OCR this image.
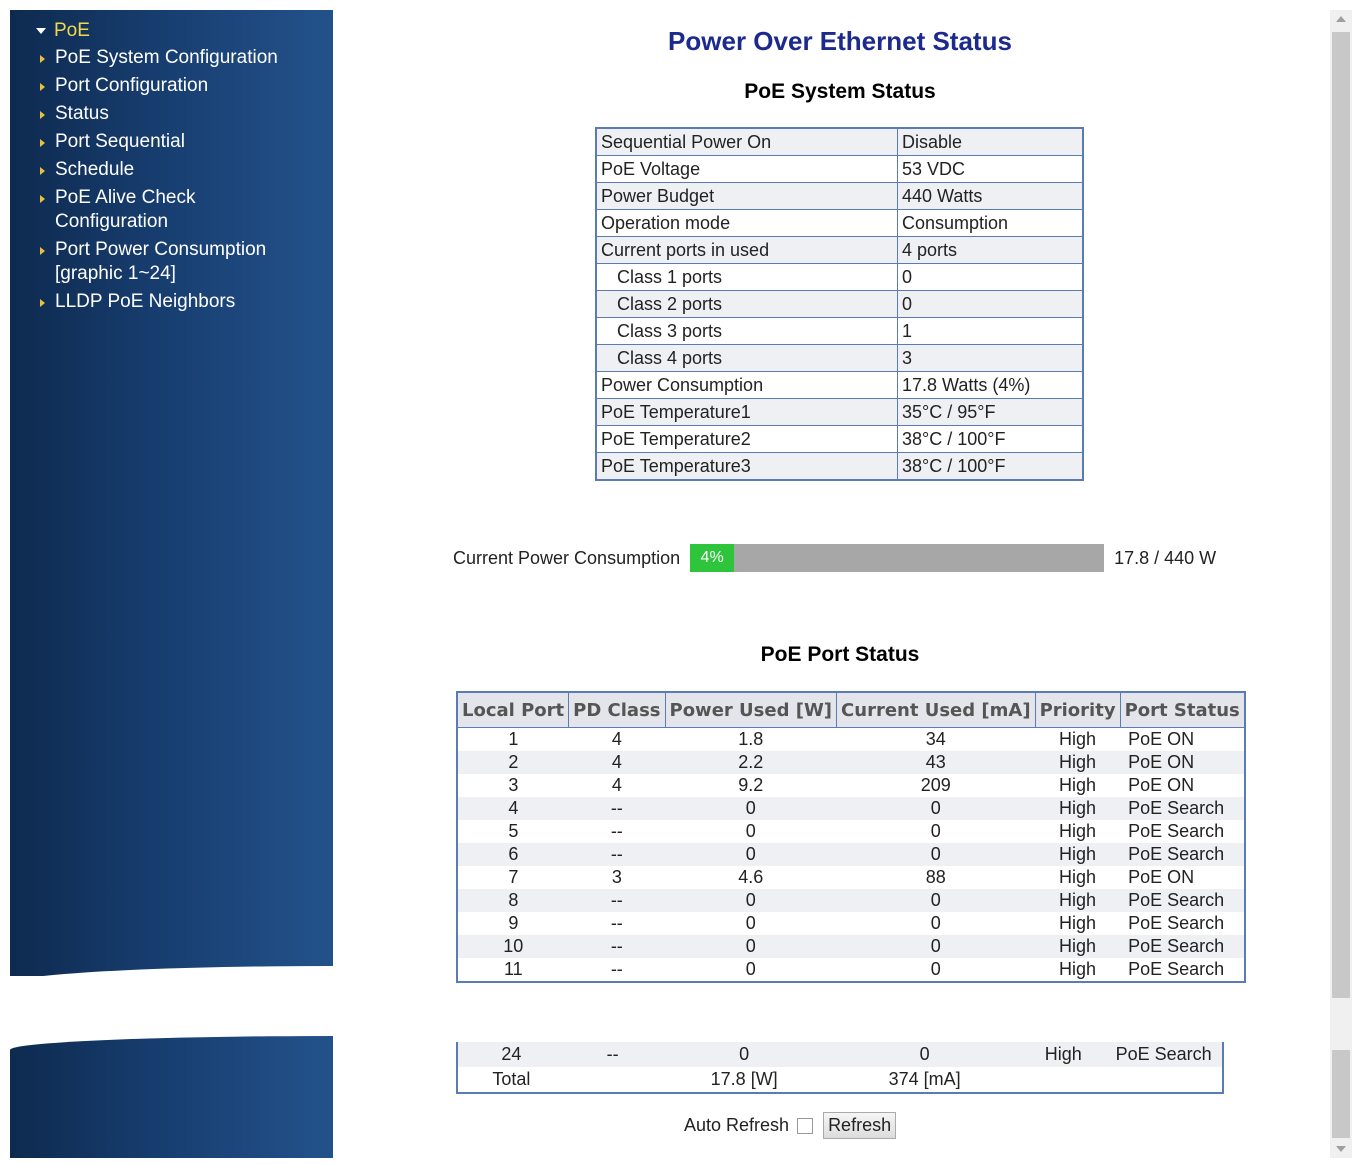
PoE
PoE System Configuration
Port Configuration
Status
Port Sequential
Schedule
PoE Alive Check Configuration
Port Power Consumption [graphic 1~24]
LLDP PoE Neighbors
Power Over Ethernet Status
PoE System Status
Sequential Power On	Disable
PoE Voltage	53 VDC
Power Budget	440 Watts
Operation mode	Consumption
Current ports in used	4 ports
Class 1 ports	0
Class 2 ports	0
Class 3 ports	1
Class 4 ports	3
Power Consumption	17.8 Watts (4%)
PoE Temperature1	35°C / 95°F
PoE Temperature2	38°C / 100°F
PoE Temperature3	38°C / 100°F
Current Power Consumption	4%	17.8 / 440 W
PoE Port Status
Local Port	PD Class	Power Used [W]	Current Used [mA]	Priority	Port Status
1	4	1.8	34	High	PoE ON
2	4	2.2	43	High	PoE ON
3	4	9.2	209	High	PoE ON
4	--	0	0	High	PoE Search
5	--	0	0	High	PoE Search
6	--	0	0	High	PoE Search
7	3	4.6	88	High	PoE ON
8	--	0	0	High	PoE Search
9	--	0	0	High	PoE Search
10	--	0	0	High	PoE Search
11	--	0	0	High	PoE Search
24	--	0	0	High	PoE Search
Total		17.8 [W]	374 [mA]		
Auto Refresh Refresh
